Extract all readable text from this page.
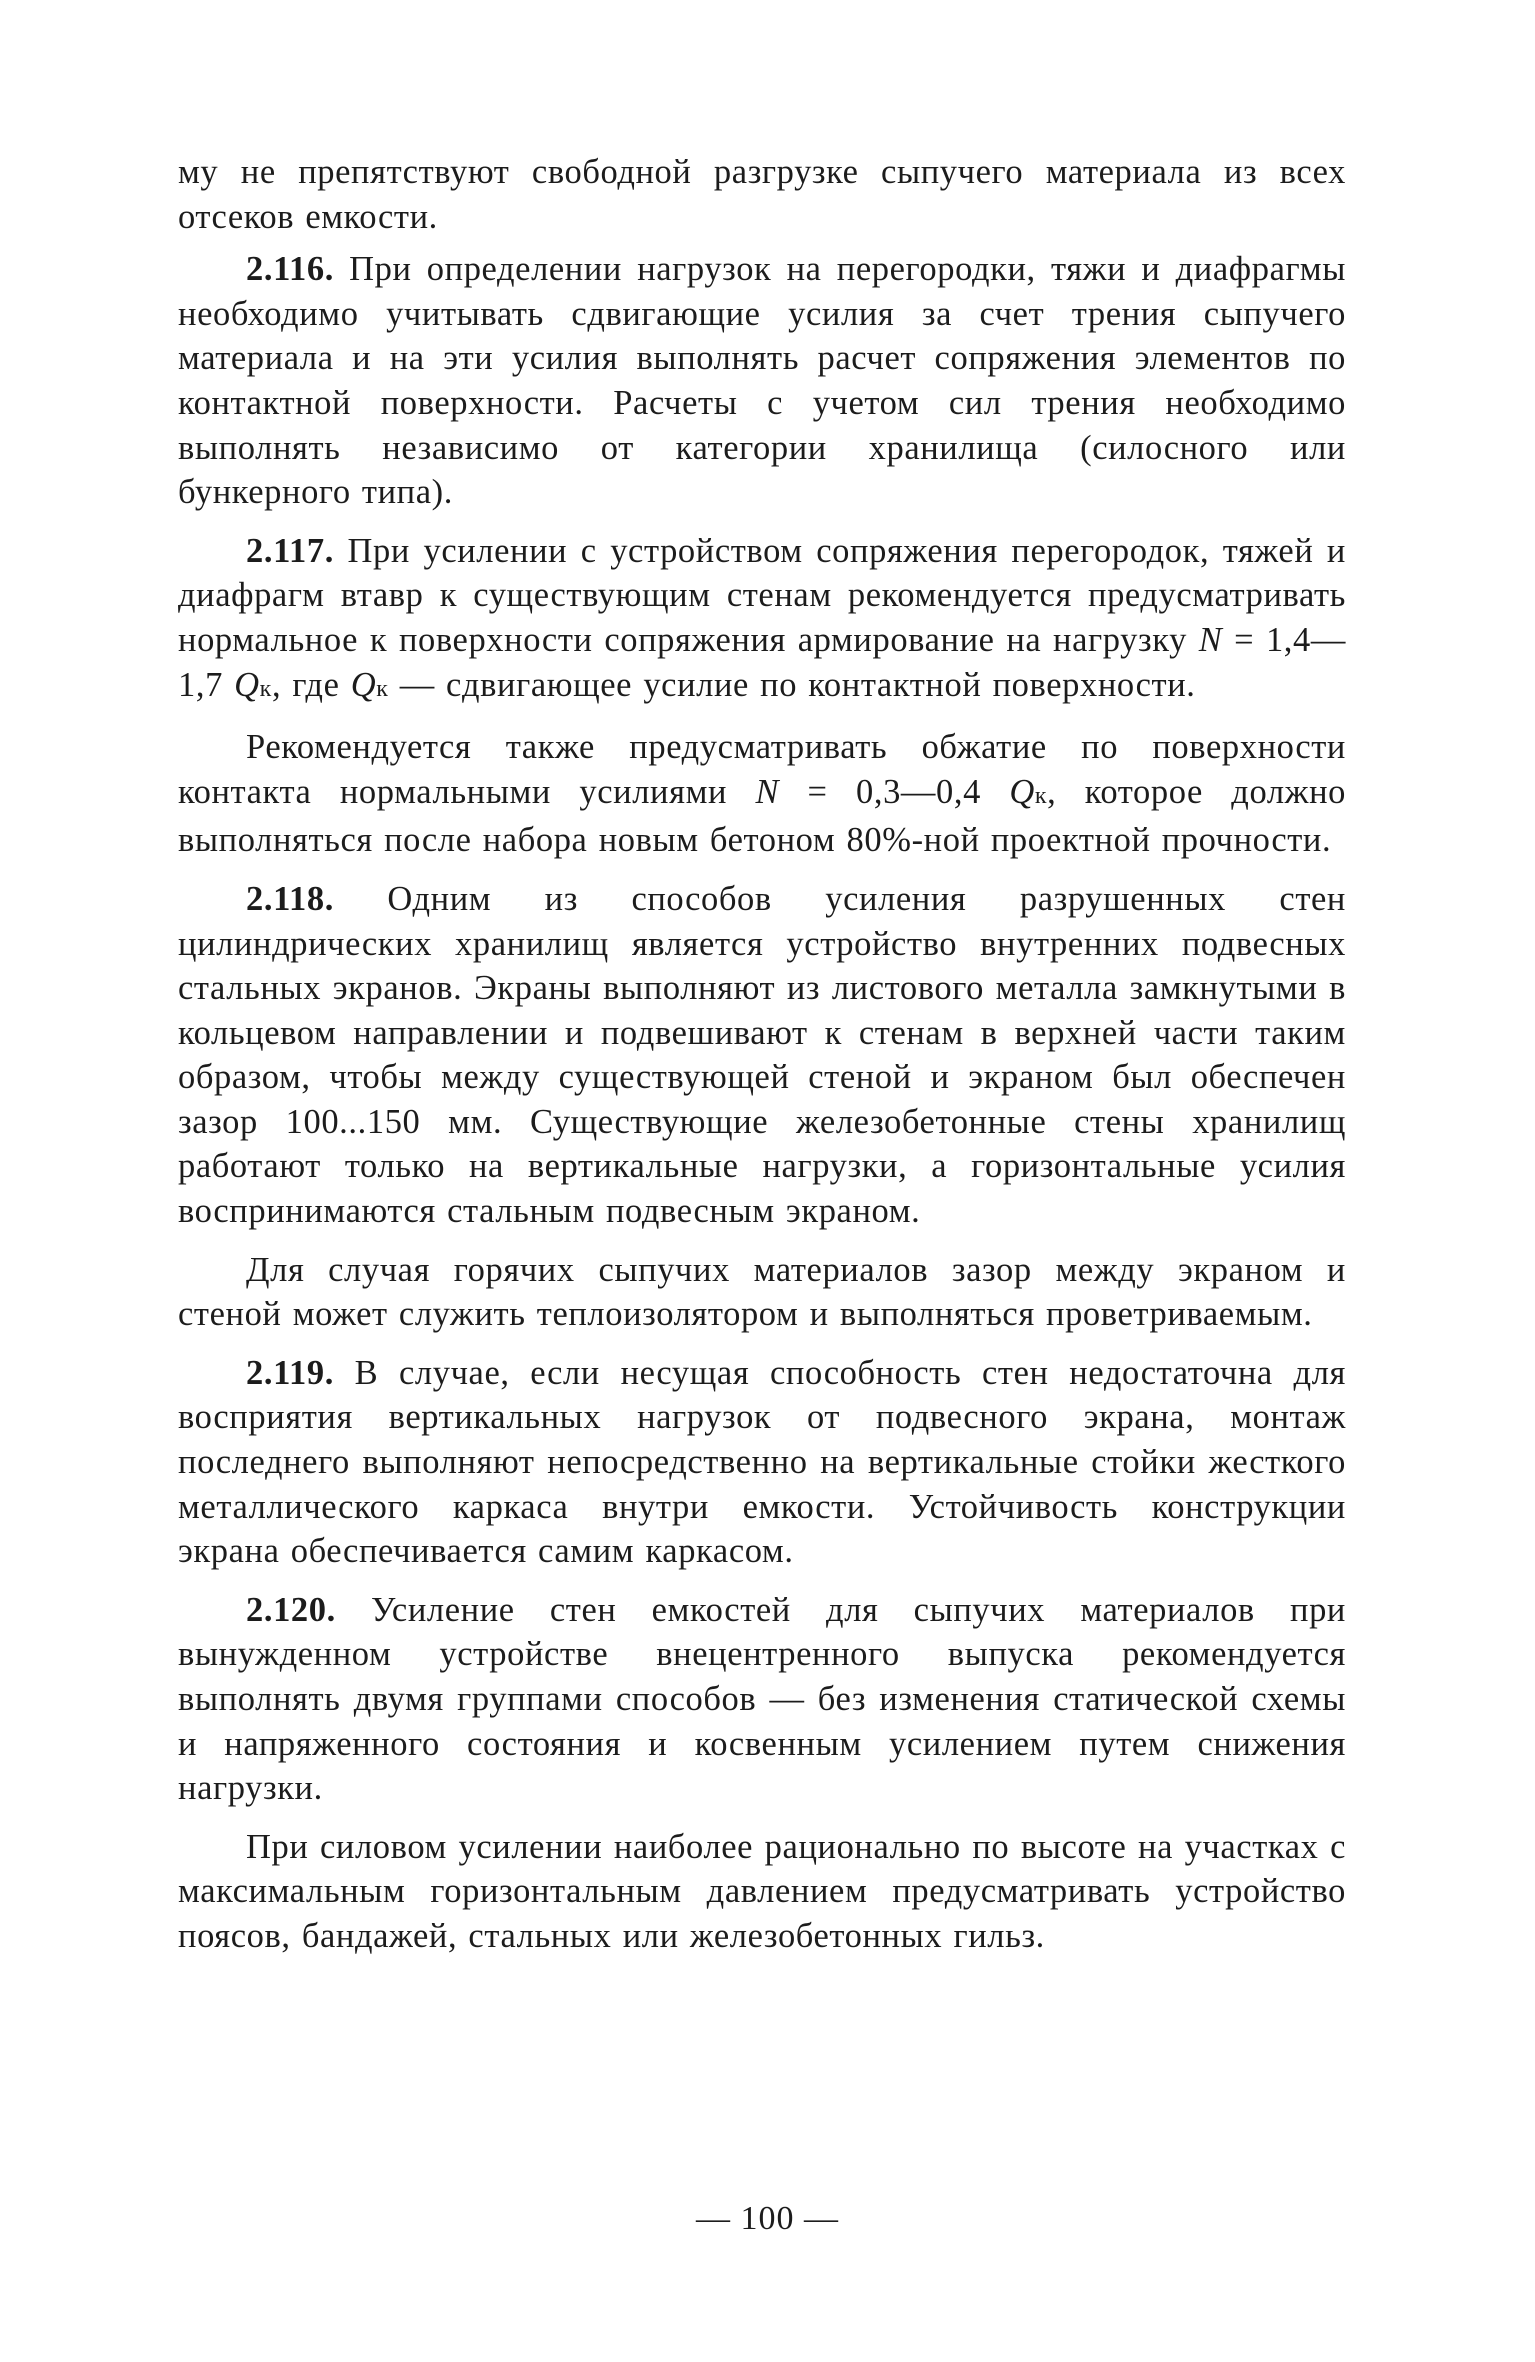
му не препятствуют свободной разгрузке сыпучего материала из всех отсеков емкости.

2.116. При определении нагрузок на перегородки, тяжи и диафрагмы необходимо учитывать сдвигающие усилия за счет трения сыпучего материала и на эти усилия выполнять расчет сопряжения элементов по контактной поверхности. Расчеты с учетом сил трения необходимо выполнять независимо от категории хранилища (силосного или бункерного типа).

2.117. При усилении с устройством сопряжения перегородок, тяжей и диафрагм втавр к существующим стенам рекомендуется предусматривать нормальное к поверхности сопряжения армирование на нагрузку N = 1,4—1,7 Qк, где Qк — сдвигающее усилие по контактной поверхности.

Рекомендуется также предусматривать обжатие по поверхности контакта нормальными усилиями N = 0,3—0,4 Qк, которое должно выполняться после набора новым бетоном 80%-ной проектной прочности.

2.118. Одним из способов усиления разрушенных стен цилиндрических хранилищ является устройство внутренних подвесных стальных экранов. Экраны выполняют из листового металла замкнутыми в кольцевом направлении и подвешивают к стенам в верхней части таким образом, чтобы между существующей стеной и экраном был обеспечен зазор 100...150 мм. Существующие железобетонные стены хранилищ работают только на вертикальные нагрузки, а горизонтальные усилия воспринимаются стальным подвесным экраном.

Для случая горячих сыпучих материалов зазор между экраном и стеной может служить теплоизолятором и выполняться проветриваемым.

2.119. В случае, если несущая способность стен недостаточна для восприятия вертикальных нагрузок от подвесного экрана, монтаж последнего выполняют непосредственно на вертикальные стойки жесткого металлического каркаса внутри емкости. Устойчивость конструкции экрана обеспечивается самим каркасом.

2.120. Усиление стен емкостей для сыпучих материалов при вынужденном устройстве внецентренного выпуска рекомендуется выполнять двумя группами способов — без изменения статической схемы и напряженного состояния и косвенным усилением путем снижения нагрузки.

При силовом усилении наиболее рационально по высоте на участках с максимальным горизонтальным давлением предусматривать устройство поясов, бандажей, стальных или железобетонных гильз.

— 100 —
